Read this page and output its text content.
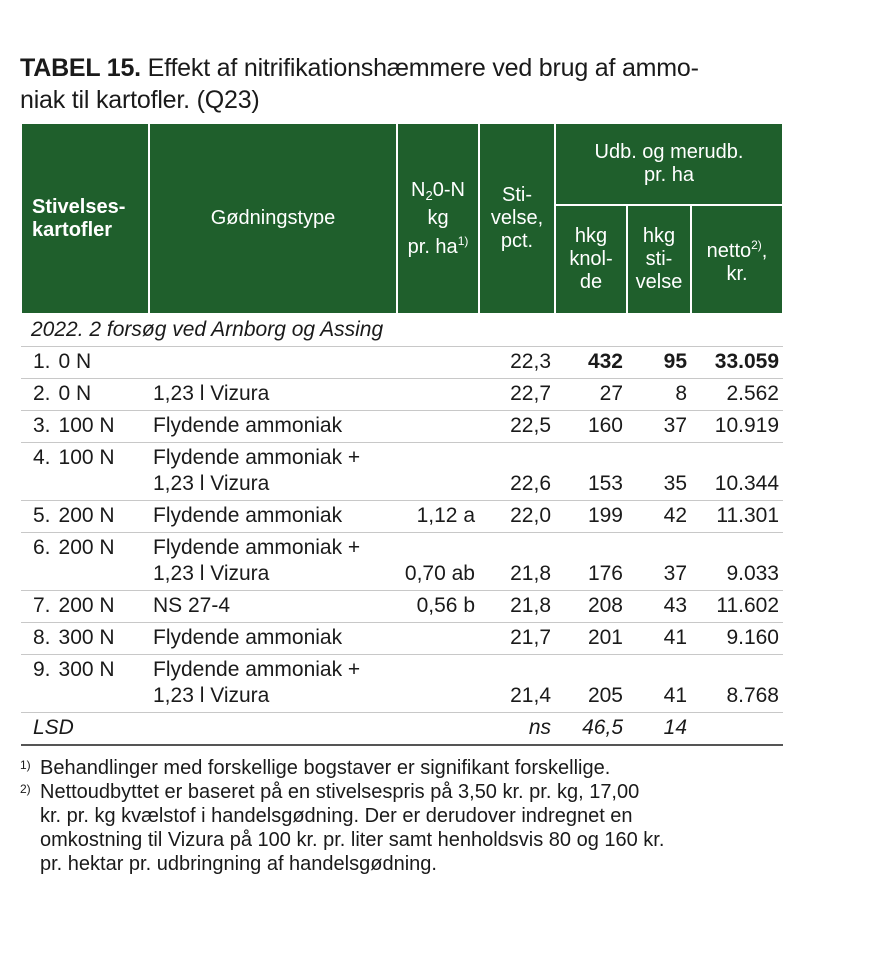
TABEL 15. Effekt af nitrifikationshæmmere ved brug af ammo-
niak til kartofler. (Q23)
Stivelses-
kartofler	Gødningstype	$N_20-N$
kg
pr. $ha^{1)}$	Sti-
velse,
pct.	Udb. og merudb.
pr. ha		
				hkg
knol-
de	hkg
sti-
velse	netto$^{2)}$,
kr.
2022. 2 forsøg ved Arnborg og Assing						
1. 0 N			22,3	432	95	33.059
2. 0 N	1,23 l Vizura		22,7	27	8	2.562
3. 100 N	Flydende ammoniak		22,5	160	37	10.919
4. 100 N	Flydende ammoniak +
1,23 l Vizura		22,6	153	35	10.344
5. 200 N	Flydende ammoniak	1,12 a	22,0	199	42	11.301
6. 200 N	Flydende ammoniak +
1,23 l Vizura	0,70 ab	21,8	176	37	9.033
7. 200 N	NS 27-4	0,56 b	21,8	208	43	11.602
8. 300 N	Flydende ammoniak		21,7	201	41	9.160
9. 300 N	Flydende ammoniak +
1,23 l Vizura		21,4	205	41	8.768
LSD			ns	46,5	14	
1) Behandlinger med forskellige bogstaver er signifikant forskellige.
2) Nettoudbyttet er baseret på en stivelsespris på 3,50 kr. pr. kg, 17,00
kr. pr. kg kvælstof i handelsgødning. Der er derudover indregnet en
omkostning til Vizura på 100 kr. pr. liter samt henholdsvis 80 og 160 kr.
pr. hektar pr. udbringning af handelsgødning.
